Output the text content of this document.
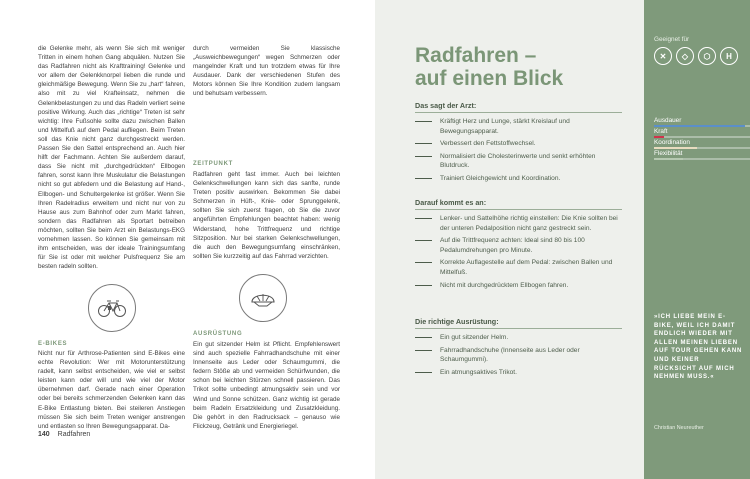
die Gelenke mehr, als wenn Sie sich mit weniger Tritten in einem hohen Gang abquälen. Nutzen Sie das Radfahren nicht als Krafttraining! Gelenke und vor allem der Gelenkknorpel lieben die runde und gleichmäßige Bewegung. Wenn Sie zu „hart“ fahren, also mit zu viel Krafteinsatz, nehmen die Gelenkbelastungen zu und das Radeln verliert seine positive Wirkung. Auch das „richtige“ Treten ist sehr wichtig: Ihre Fußsohle sollte dazu zwischen Ballen und Mittelfuß auf dem Pedal aufliegen. Beim Treten soll das Knie nicht ganz durchgestreckt werden. Passen Sie den Sattel entsprechend an. Auch hier hilft der Fachmann. Achten Sie außerdem darauf, dass Sie nicht mit „durchgedrückten“ Ellbogen fahren, sonst kann Ihre Muskulatur die Belastungen nicht so gut abfedern und die Belastung auf Hand-, Ellbogen- und Schultergelenke ist größer. Wenn Sie Ihren Radelradius erweitern und nicht nur von zu Hause aus zum Bahnhof oder zum Markt fahren, sondern das Radfahren als Sportart betreiben möchten, sollten Sie beim Arzt ein Belastungs-EKG vornehmen lassen. So können Sie gemeinsam mit ihm entscheiden, was der ideale Trainingsumfang für Sie ist oder mit welcher Pulsfrequenz Sie am besten radeln sollten.

E-BIKES
Nicht nur für Arthrose-Patienten sind E-Bikes eine echte Revolution: Wer mit Motorunterstützung radelt, kann selbst entscheiden, wie viel er selbst leisten kann oder will und wie viel der Motor übernehmen darf. Gerade nach einer Operation oder bei bereits schmerzenden Gelenken kann das E-Bike Entlastung bieten. Bei steileren Anstiegen müssen Sie sich beim Treten weniger anstrengen und entlasten so Ihren Bewegungsapparat. Da-

durch vermeiden Sie klassische „Ausweichbewegungen“ wegen Schmerzen oder mangelnder Kraft und tun trotzdem etwas für Ihre Ausdauer. Dank der verschiedenen Stufen des Motors können Sie Ihre Kondition zudem langsam und behutsam verbessern.

ZEITPUNKT
Radfahren geht fast immer. Auch bei leichten Gelenkschwellungen kann sich das sanfte, runde Treten positiv auswirken. Bekommen Sie dabei Schmerzen in Hüft-, Knie- oder Sprunggelenk, sollten Sie sich zuerst fragen, ob Sie die zuvor angeführten Empfehlungen beachtet haben: wenig Widerstand, hohe Trittfrequenz und richtige Sitzposition. Nur bei starken Gelenkschwellungen, die auch den Bewegungsumfang einschränken, sollten Sie kurzzeitig auf das Fahrrad verzichten.
AUSRÜSTUNG
Ein gut sitzender Helm ist Pflicht. Empfehlenswert sind auch spezielle Fahrradhandschuhe mit einer Innenseite aus Leder oder Schaumgummi, die federn Stöße ab und vermeiden Schürfwunden, die schon bei leichten Stürzen schnell passieren. Das Trikot sollte unbedingt atmungsaktiv sein und vor Wind und Sonne schützen. Ganz wichtig ist gerade beim Radeln Ersatzkleidung und Zusatzkleidung. Die gehört in den Radrucksack – genauso wie Flickzeug, Getränk und Energieriegel.
140 Radfahren
Radfahren –
auf einen Blick
Das sagt der Arzt:
Kräftigt Herz und Lunge, stärkt Kreislauf und Bewegungsapparat.
Verbessert den Fettstoffwechsel.
Normalisiert die Cholesterinwerte und senkt erhöhten Blutdruck.
Trainiert Gleichgewicht und Koordination.
Darauf kommt es an:
Lenker- und Sattelhöhe richtig einstellen: Die Knie sollten bei der unteren Pedalposition nicht ganz gestreckt sein.
Auf die Trittfrequenz achten: Ideal sind 80 bis 100 Pedalumdrehungen pro Minute.
Korrekte Auflagestelle auf dem Pedal: zwischen Ballen und Mittelfuß.
Nicht mit durchgedrücktem Ellbogen fahren.
Die richtige Ausrüstung:
Ein gut sitzender Helm.
Fahrradhandschuhe (Innenseite aus Leder oder Schaumgummi).
Ein atmungsaktives Trikot.
Geeignet für
✕	◇	⬡	H
Ausdauer
Kraft
Koordination
Flexibilität
»ICH LIEBE MEIN E-BIKE, WEIL ICH DAMIT ENDLICH WIEDER MIT ALLEN MEINEN LIEBEN AUF TOUR GEHEN KANN UND KEINER RÜCKSICHT AUF MICH NEHMEN MUSS.«
Christian Neureuther
